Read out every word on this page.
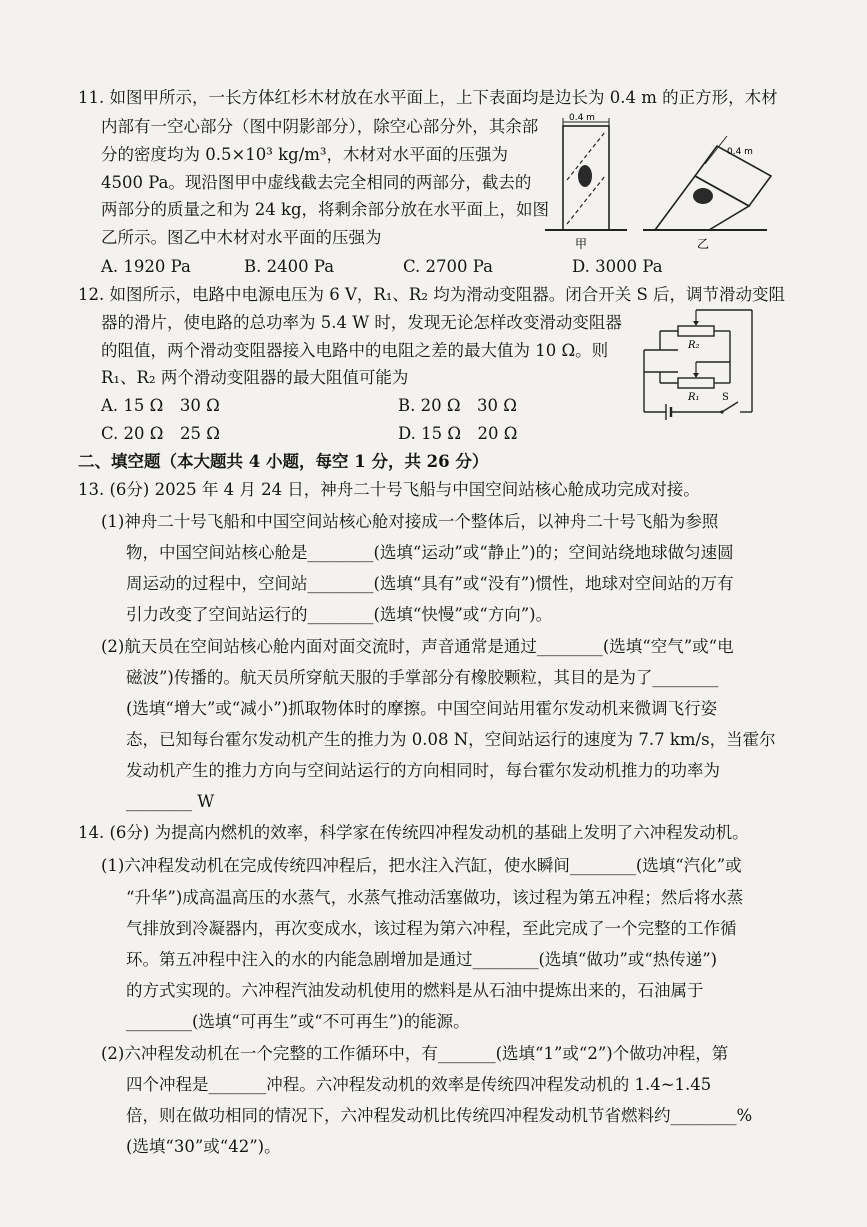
11. 如图甲所示，一长方体红杉木材放在水平面上，上下表面均是边长为 0.4 m 的正方形，木材
内部有一空心部分（图中阴影部分），除空心部分外，其余部
分的密度均为 0.5×10³ kg/m³，木材对水平面的压强为
4500 Pa。现沿图甲中虚线截去完全相同的两部分，截去的
两部分的质量之和为 24 kg，将剩余部分放在水平面上，如图
乙所示。图乙中木材对水平面的压强为
0.4 m
0.4 m
甲	乙
A. 1920 Pa	B. 2400 Pa	C. 2700 Pa	D. 3000 Pa
12. 如图所示，电路中电源电压为 6 V，R₁、R₂ 均为滑动变阻器。闭合开关 S 后，调节滑动变阻
器的滑片，使电路的总功率为 5.4 W 时，发现无论怎样改变滑动变阻器
的阻值，两个滑动变阻器接入电路中的电阻之差的最大值为 10 Ω。则
R₁、R₂ 两个滑动变阻器的最大阻值可能为
R₂
R₁ S
A. 15 Ω　30 Ω	B. 20 Ω　30 Ω
C. 20 Ω　25 Ω	D. 15 Ω　20 Ω
二、填空题（本大题共 4 小题，每空 1 分，共 26 分）
13. (6分) 2025 年 4 月 24 日，神舟二十号飞船与中国空间站核心舱成功完成对接。
(1)神舟二十号飞船和中国空间站核心舱对接成一个整体后，以神舟二十号飞船为参照
物，中国空间站核心舱是________(选填“运动”或“静止”)的；空间站绕地球做匀速圆
周运动的过程中，空间站________(选填“具有”或“没有”)惯性，地球对空间站的万有
引力改变了空间站运行的________(选填“快慢”或“方向”)。
(2)航天员在空间站核心舱内面对面交流时，声音通常是通过________(选填“空气”或“电
磁波”)传播的。航天员所穿航天服的手掌部分有橡胶颗粒，其目的是为了________
(选填“增大”或“减小”)抓取物体时的摩擦。中国空间站用霍尔发动机来微调飞行姿
态，已知每台霍尔发动机产生的推力为 0.08 N，空间站运行的速度为 7.7 km/s，当霍尔
发动机产生的推力方向与空间站运行的方向相同时，每台霍尔发动机推力的功率为
________ W
14. (6分) 为提高内燃机的效率，科学家在传统四冲程发动机的基础上发明了六冲程发动机。
(1)六冲程发动机在完成传统四冲程后，把水注入汽缸，使水瞬间________(选填“汽化”或
“升华”)成高温高压的水蒸气，水蒸气推动活塞做功，该过程为第五冲程；然后将水蒸
气排放到冷凝器内，再次变成水，该过程为第六冲程，至此完成了一个完整的工作循
环。第五冲程中注入的水的内能急剧增加是通过________(选填“做功”或“热传递”)
的方式实现的。六冲程汽油发动机使用的燃料是从石油中提炼出来的，石油属于
________(选填“可再生”或“不可再生”)的能源。
(2)六冲程发动机在一个完整的工作循环中，有_______(选填“1”或“2”)个做功冲程，第
四个冲程是_______冲程。六冲程发动机的效率是传统四冲程发动机的 1.4~1.45
倍，则在做功相同的情况下，六冲程发动机比传统四冲程发动机节省燃料约________%
(选填“30”或“42”)。
